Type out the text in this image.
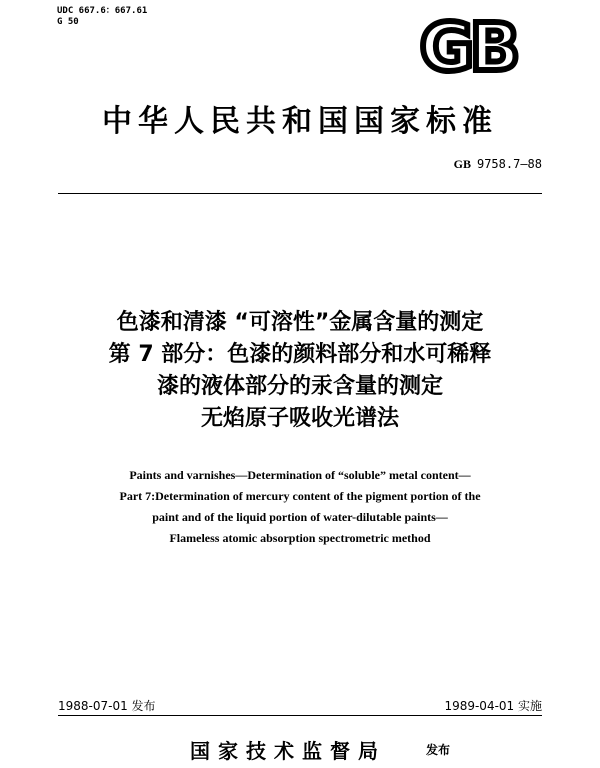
UDC 667.6：667.61
G 50	GB
中华人民共和国国家标准
GB 9758.7—88
色漆和清漆 “可溶性”金属含量的测定
第 7 部分：色漆的颜料部分和水可稀释
漆的液体部分的汞含量的测定
无焰原子吸收光谱法
Paints and varnishes—Determination of “soluble” metal content—
Part 7:Determination of mercury content of the pigment portion of the
paint and of the liquid portion of water-dilutable paints—
Flameless atomic absorption spectrometric method
1988-07-01 发布	1989-04-01 实施
国家技术监督局	发布
